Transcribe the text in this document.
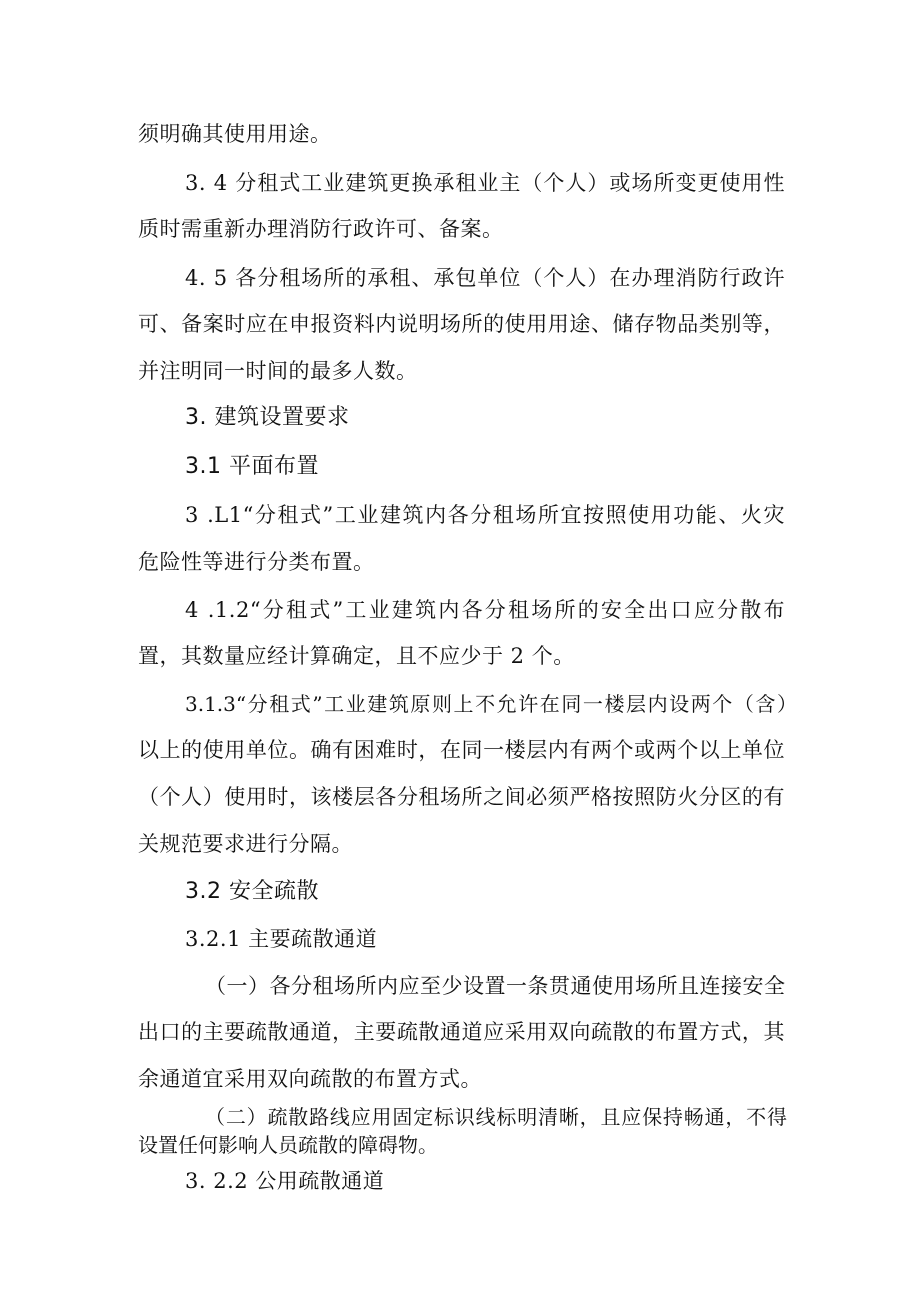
须明确其使用用途。
3. 4 分租式工业建筑更换承租业主（个人）或场所变更使用性
质时需重新办理消防行政许可、备案。
4. 5 各分租场所的承租、承包单位（个人）在办理消防行政许
可、备案时应在申报资料内说明场所的使用用途、储存物品类别等，
并注明同一时间的最多人数。
3. 建筑设置要求
3.1 平面布置
3 .L1“分租式”工业建筑内各分租场所宜按照使用功能、火灾
危险性等进行分类布置。
4 .1.2“分租式”工业建筑内各分租场所的安全出口应分散布
置，其数量应经计算确定，且不应少于 2 个。
3.1.3“分租式”工业建筑原则上不允许在同一楼层内设两个（含）
以上的使用单位。确有困难时，在同一楼层内有两个或两个以上单位
（个人）使用时，该楼层各分租场所之间必须严格按照防火分区的有
关规范要求进行分隔。
3.2 安全疏散
3.2.1 主要疏散通道
（一）各分租场所内应至少设置一条贯通使用场所且连接安全
出口的主要疏散通道，主要疏散通道应采用双向疏散的布置方式，其
余通道宜采用双向疏散的布置方式。
（二）疏散路线应用固定标识线标明清晰，且应保持畅通，不得
设置任何影响人员疏散的障碍物。
3. 2.2 公用疏散通道
